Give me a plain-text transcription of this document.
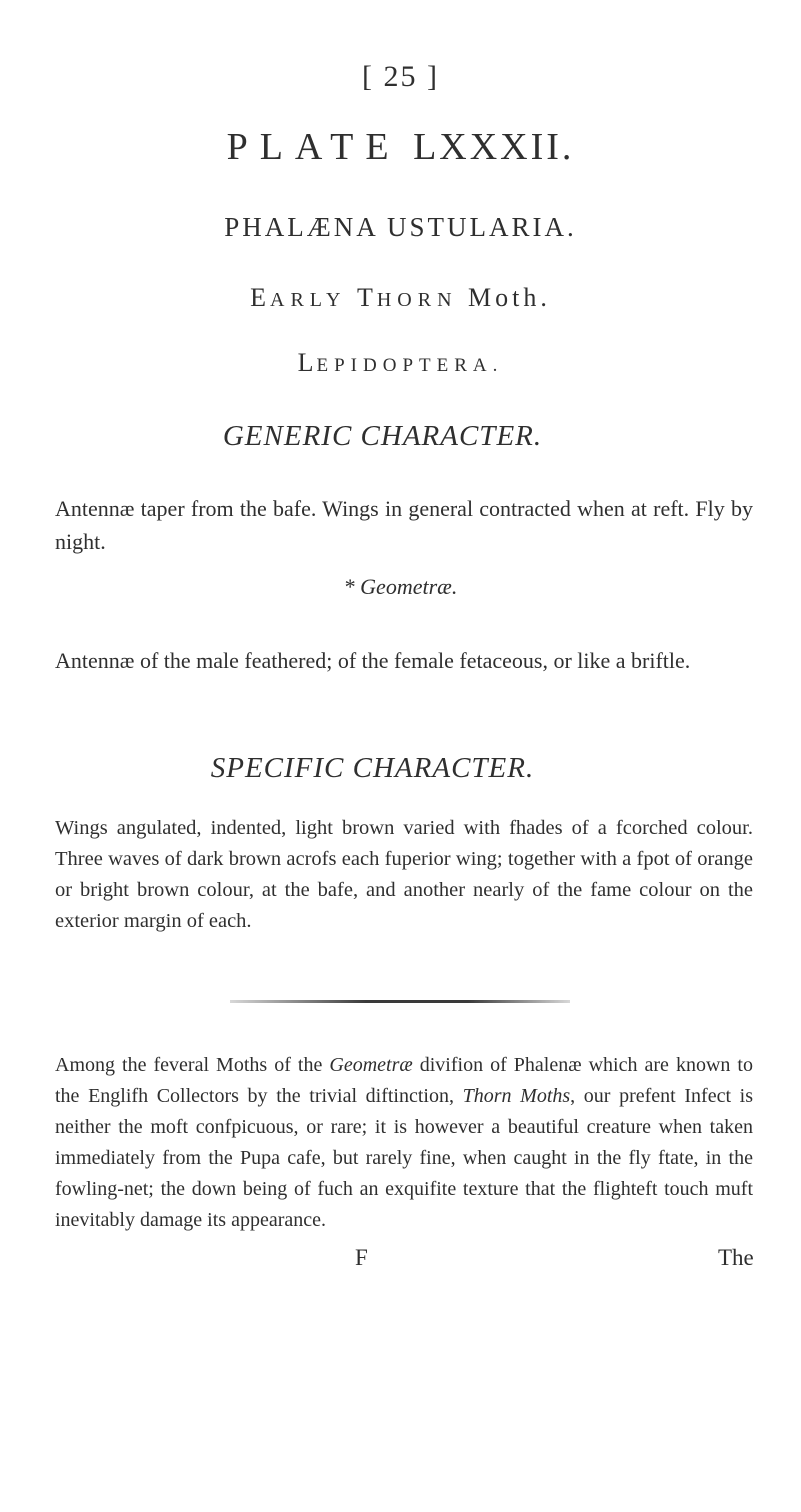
[ 25 ]
PLATE LXXXII.
PHALÆNA USTULARIA.
EARLY THORN Moth.
LEPIDOPTERA.
GENERIC CHARACTER.
Antennæ taper from the bafe. Wings in general contracted when at reft. Fly by night.
* Geometræ.
Antennæ of the male feathered; of the female fetaceous, or like a briftle.
SPECIFIC CHARACTER.
Wings angulated, indented, light brown varied with fhades of a fcorched colour. Three waves of dark brown acrofs each fuperior wing; together with a fpot of orange or bright brown colour, at the bafe, and another nearly of the fame colour on the exterior margin of each.
Among the feveral Moths of the Geometræ divifion of Phalenæ which are known to the Englifh Collectors by the trivial diftinction, Thorn Moths, our prefent Infect is neither the moft confpicuous, or rare; it is however a beautiful creature when taken immediately from the Pupa cafe, but rarely fine, when caught in the fly ftate, in the fowling-net; the down being of fuch an exquifite texture that the flighteft touch muft inevitably damage its appearance.
F	The
